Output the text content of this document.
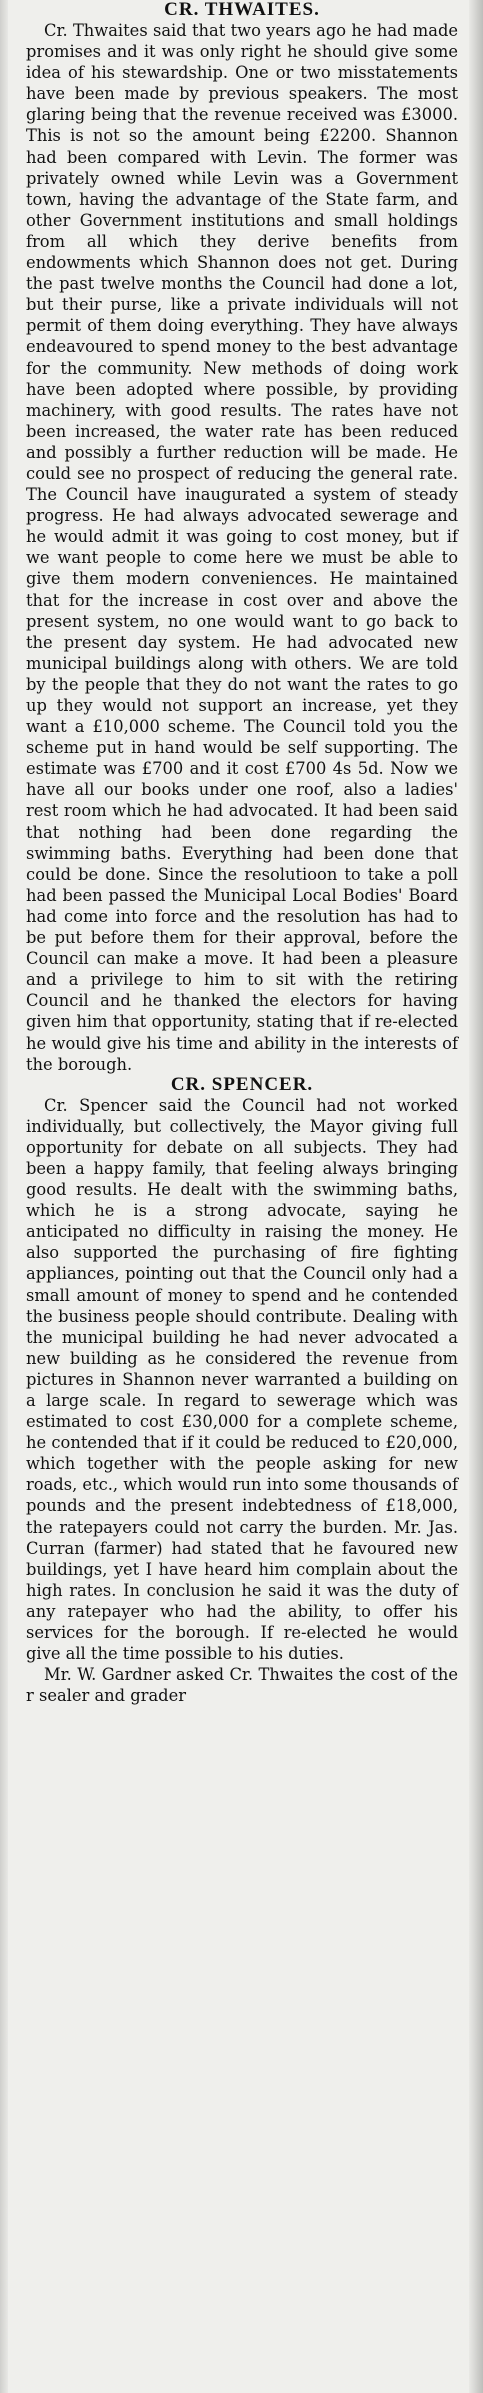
CR. THWAITES.

Cr. Thwaites said that two years ago he had made promises and it was only right he should give some idea of his stewardship. One or two misstatements have been made by previous speakers. The most glaring being that the revenue received was £3000. This is not so the amount being £2200. Shannon had been compared with Levin. The former was privately owned while Levin was a Government town, having the advantage of the State farm, and other Government institutions and small holdings from all which they derive benefits from endowments which Shannon does not get. During the past twelve months the Council had done a lot, but their purse, like a private individuals will not permit of them doing everything. They have always endeavoured to spend money to the best advantage for the community. New methods of doing work have been adopted where possible, by providing machinery, with good results. The rates have not been increased, the water rate has been reduced and possibly a further reduction will be made. He could see no prospect of reducing the general rate. The Council have inaugurated a system of steady progress. He had always advocated sewerage and he would admit it was going to cost money, but if we want people to come here we must be able to give them modern conveniences. He maintained that for the increase in cost over and above the present system, no one would want to go back to the present day system. He had advocated new municipal buildings along with others. We are told by the people that they do not want the rates to go up they would not support an increase, yet they want a £10,000 scheme. The Council told you the scheme put in hand would be self supporting. The estimate was £700 and it cost £700 4s 5d. Now we have all our books under one roof, also a ladies' rest room which he had advocated. It had been said that nothing had been done regarding the swimming baths. Everything had been done that could be done. Since the resolutioon to take a poll had been passed the Municipal Local Bodies' Board had come into force and the resolution has had to be put before them for their approval, before the Council can make a move. It had been a pleasure and a privilege to him to sit with the retiring Council and he thanked the electors for having given him that opportunity, stating that if re-elected he would give his time and ability in the interests of the borough.

CR. SPENCER.

Cr. Spencer said the Council had not worked individually, but collectively, the Mayor giving full opportunity for debate on all subjects. They had been a happy family, that feeling always bringing good results. He dealt with the swimming baths, which he is a strong advocate, saying he anticipated no difficulty in raising the money. He also supported the purchasing of fire fighting appliances, pointing out that the Council only had a small amount of money to spend and he contended the business people should contribute. Dealing with the municipal building he had never advocated a new building as he considered the revenue from pictures in Shannon never warranted a building on a large scale. In regard to sewerage which was estimated to cost £30,000 for a complete scheme, he contended that if it could be reduced to £20,000, which together with the people asking for new roads, etc., which would run into some thousands of pounds and the present indebtedness of £18,000, the ratepayers could not carry the burden. Mr. Jas. Curran (farmer) had stated that he favoured new buildings, yet I have heard him complain about the high rates. In conclusion he said it was the duty of any ratepayer who had the ability, to offer his services for the borough. If re-elected he would give all the time possible to his duties.

Mr. W. Gardner asked Cr. Thwaites the cost of the r sealer and grader
